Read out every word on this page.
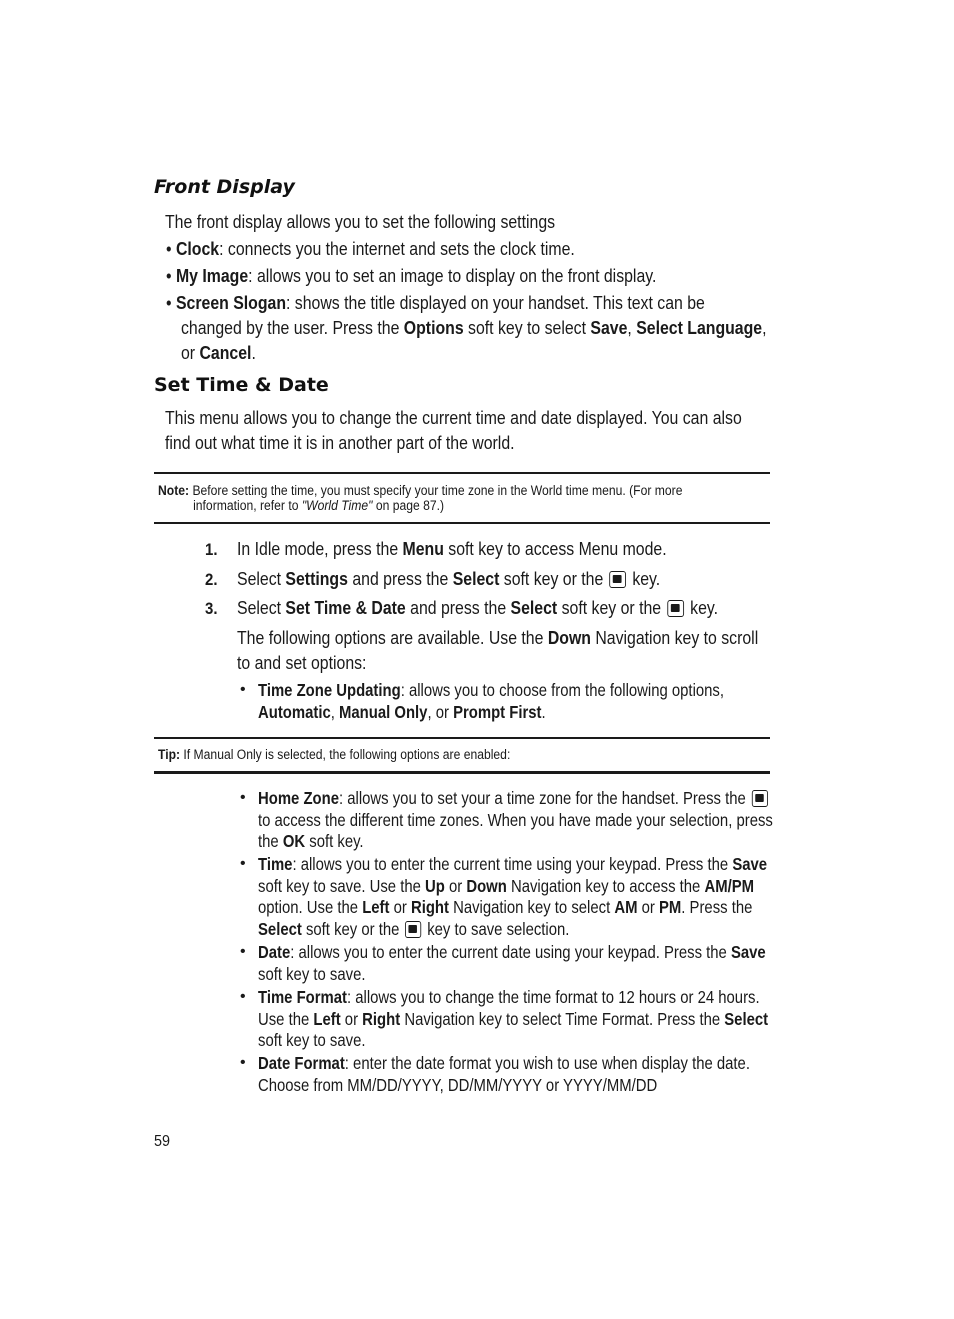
Front Display
The front display allows you to set the following settings
• Clock: connects you the internet and sets the clock time.
• My Image: allows you to set an image to display on the front display.
• Screen Slogan: shows the title displayed on your handset. This text can be
changed by the user. Press the Options soft key to select Save, Select Language,
or Cancel.
Set Time & Date
This menu allows you to change the current time and date displayed. You can also
find out what time it is in another part of the world.
Note: Before setting the time, you must specify your time zone in the World time menu. (For more
information, refer to "World Time" on page 87.)
1. In Idle mode, press the Menu soft key to access Menu mode.
2. Select Settings and press the Select soft key or the  key.
3. Select Set Time & Date and press the Select soft key or the  key.
The following options are available. Use the Down Navigation key to scroll
to and set options:
• Time Zone Updating: allows you to choose from the following options,
Automatic, Manual Only, or Prompt First.
Tip: If Manual Only is selected, the following options are enabled:
• Home Zone: allows you to set your a time zone for the handset. Press the
to access the different time zones. When you have made your selection, press
the OK soft key.
• Time: allows you to enter the current time using your keypad. Press the Save
soft key to save. Use the Up or Down Navigation key to access the AM/PM
option. Use the Left or Right Navigation key to select AM or PM. Press the
Select soft key or the  key to save selection.
• Date: allows you to enter the current date using your keypad. Press the Save
soft key to save.
• Time Format: allows you to change the time format to 12 hours or 24 hours.
Use the Left or Right Navigation key to select Time Format. Press the Select
soft key to save.
• Date Format: enter the date format you wish to use when display the date.
Choose from MM/DD/YYYY, DD/MM/YYYY or YYYY/MM/DD
59
